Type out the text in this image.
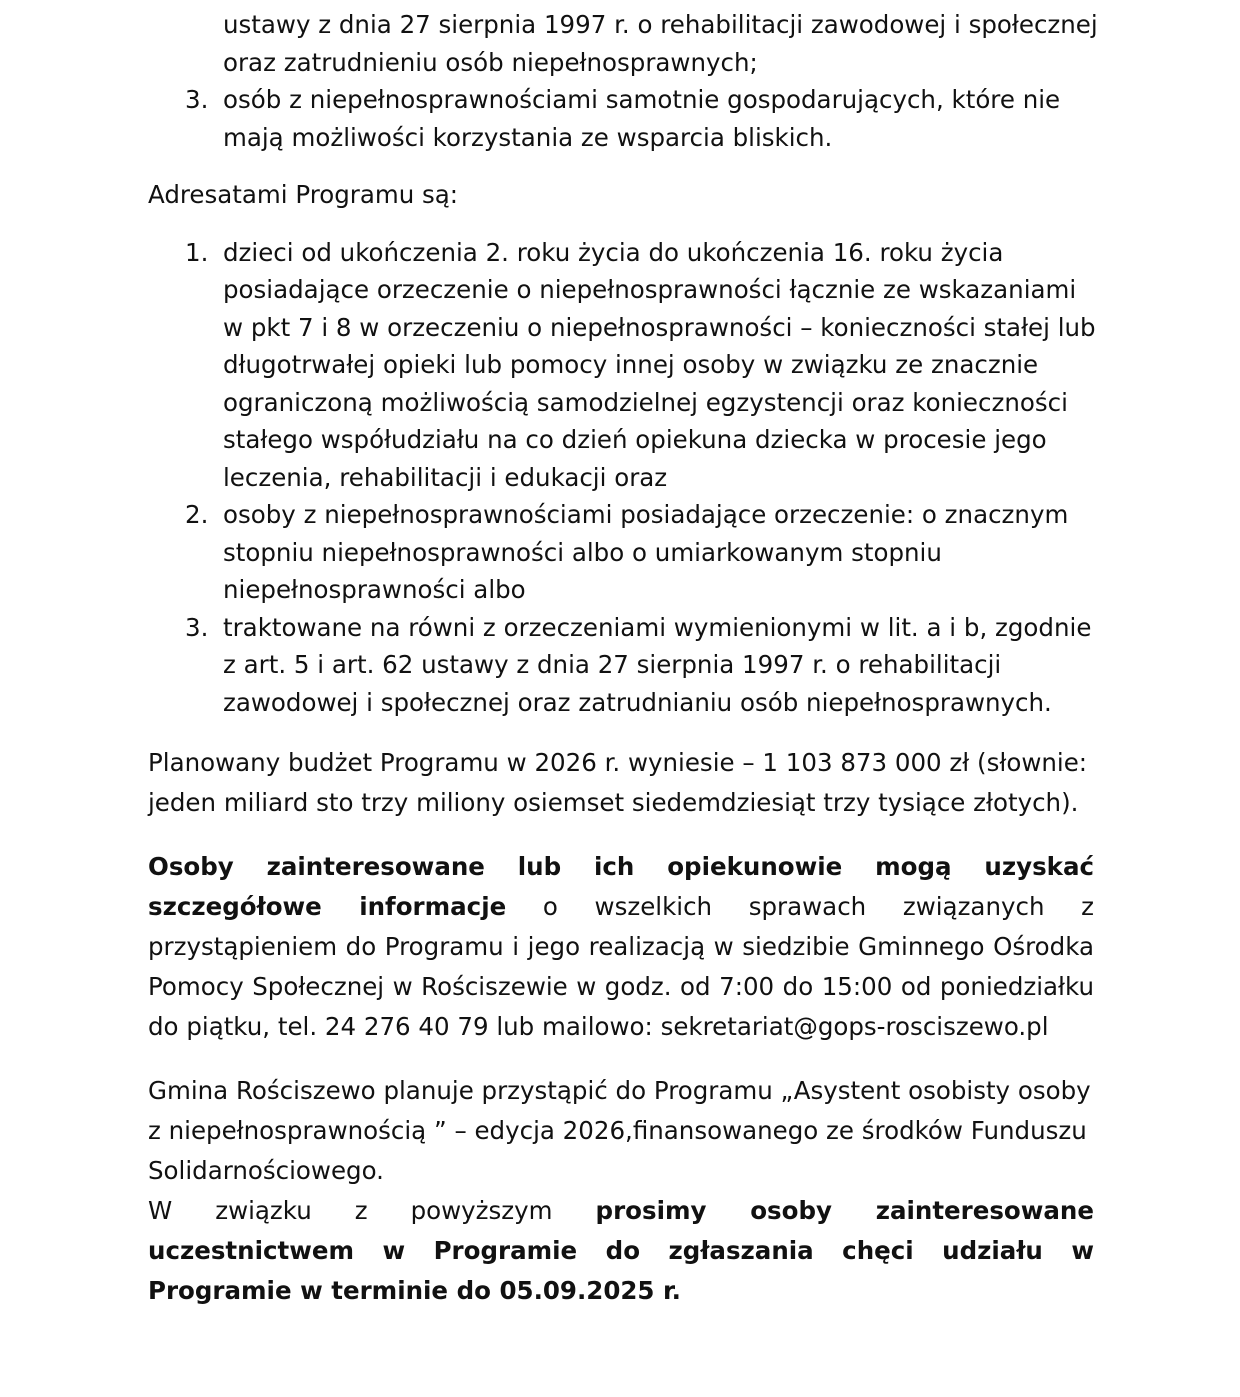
ustawy z dnia 27 sierpnia 1997 r. o rehabilitacji zawodowej i społecznej oraz zatrudnieniu osób niepełnosprawnych;
3. osób z niepełnosprawnościami samotnie gospodarujących, które nie mają możliwości korzystania ze wsparcia bliskich.

Adresatami Programu są:

1. dzieci od ukończenia 2. roku życia do ukończenia 16. roku życia posiadające orzeczenie o niepełnosprawności łącznie ze wskazaniami w pkt 7 i 8 w orzeczeniu o niepełnosprawności – konieczności stałej lub długotrwałej opieki lub pomocy innej osoby w związku ze znacznie ograniczoną możliwością samodzielnej egzystencji oraz konieczności stałego współudziału na co dzień opiekuna dziecka w procesie jego leczenia, rehabilitacji i edukacji oraz
2. osoby z niepełnosprawnościami posiadające orzeczenie: o znacznym stopniu niepełnosprawności albo o umiarkowanym stopniu niepełnosprawności albo
3. traktowane na równi z orzeczeniami wymienionymi w lit. a i b, zgodnie z art. 5 i art. 62 ustawy z dnia 27 sierpnia 1997 r. o rehabilitacji zawodowej i społecznej oraz zatrudnianiu osób niepełnosprawnych.

Planowany budżet Programu w 2026 r. wyniesie – 1 103 873 000 zł (słownie: jeden miliard sto trzy miliony osiemset siedemdziesiąt trzy tysiące złotych).

Osoby zainteresowane lub ich opiekunowie mogą uzyskać szczegółowe informacje o wszelkich sprawach związanych z przystąpieniem do Programu i jego realizacją w siedzibie Gminnego Ośrodka Pomocy Społecznej w Rościszewie w godz. od 7:00 do 15:00 od poniedziałku do piątku, tel. 24 276 40 79 lub mailowo: sekretariat@gops-rosciszewo.pl

Gmina Rościszewo planuje przystąpić do Programu „Asystent osobisty osoby z niepełnosprawnością ” – edycja 2026,finansowanego ze środków Funduszu Solidarnościowego.

W związku z powyższym prosimy osoby zainteresowane uczestnictwem w Programie do zgłaszania chęci udziału w Programie w terminie do 05.09.2025 r.
